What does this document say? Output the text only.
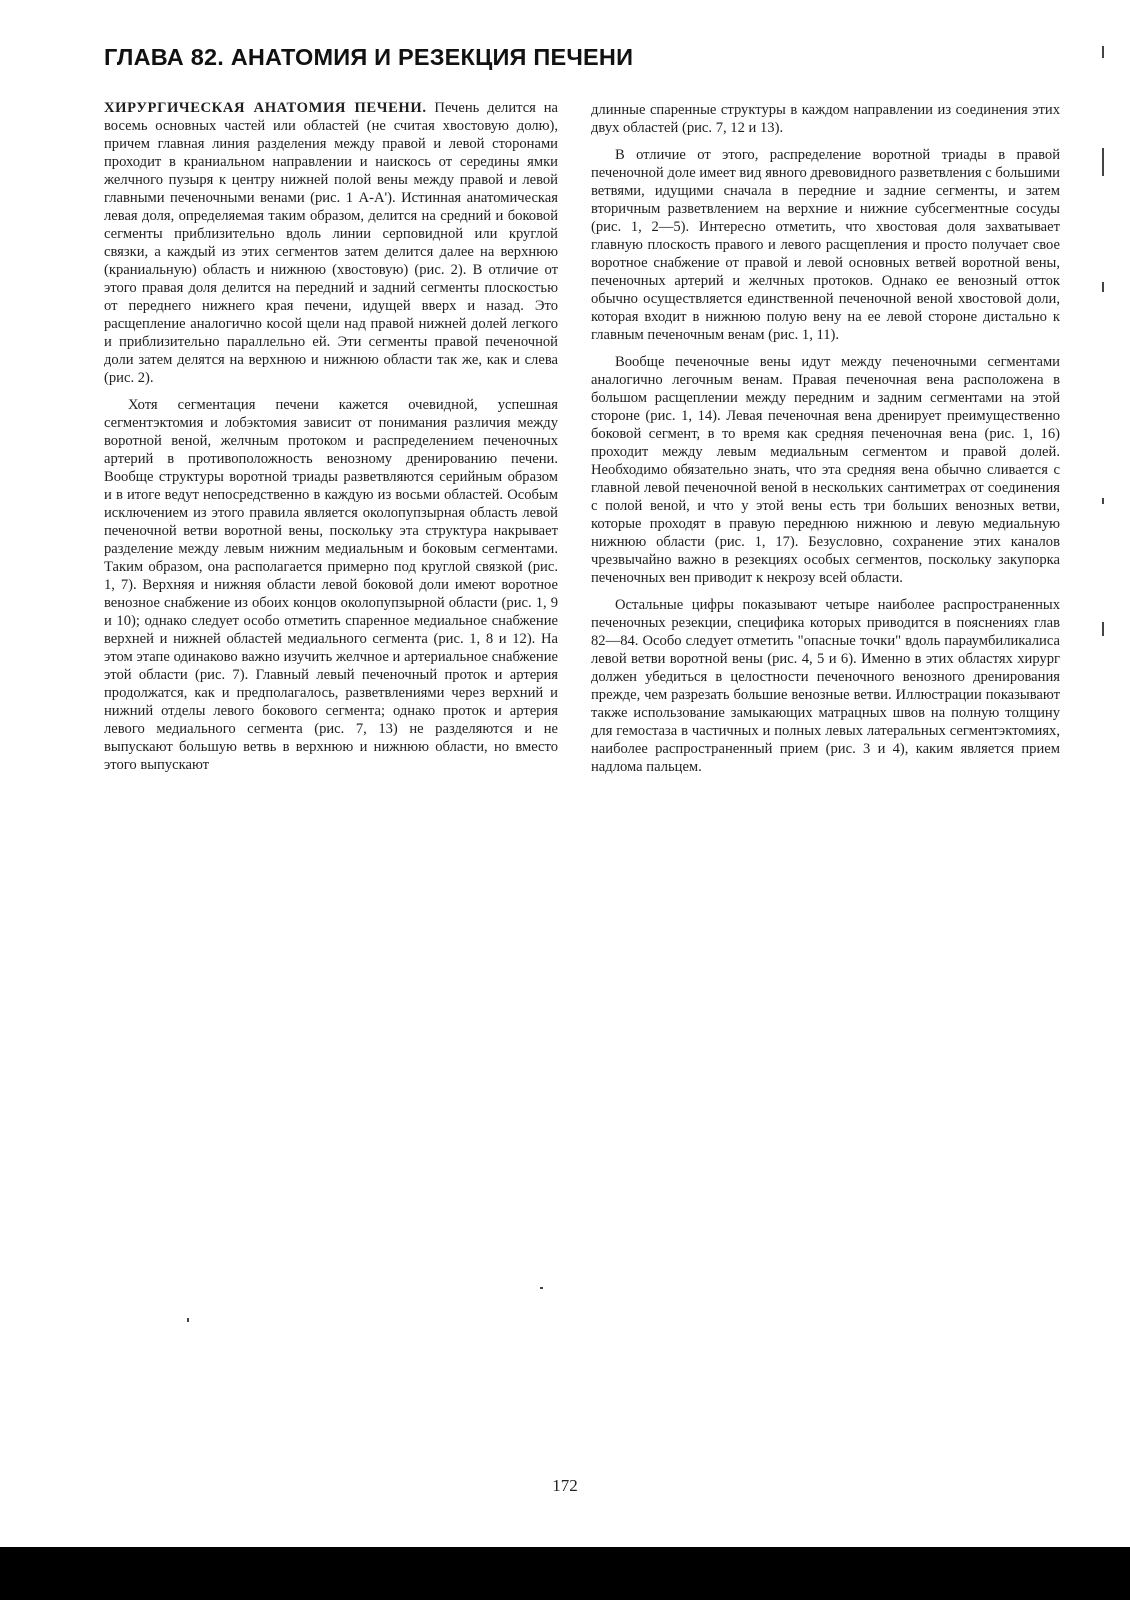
ГЛАВА 82. АНАТОМИЯ И РЕЗЕКЦИЯ ПЕЧЕНИ

ХИРУРГИЧЕСКАЯ АНАТОМИЯ ПЕЧЕНИ. Печень делится на восемь основных частей или областей (не считая хвостовую долю), причем главная линия разделения между правой и левой сторонами проходит в краниальном направлении и наискось от середины ямки желчного пузыря к центру нижней полой вены между правой и левой главными печеночными венами (рис. 1 А-А'). Истинная анатомическая левая доля, определяемая таким образом, делится на средний и боковой сегменты приблизительно вдоль линии серповидной или круглой связки, а каждый из этих сегментов затем делится далее на верхнюю (краниальную) область и нижнюю (хвостовую) (рис. 2). В отличие от этого правая доля делится на передний и задний сегменты плоскостью от переднего нижнего края печени, идущей вверх и назад. Это расщепление аналогично косой щели над правой нижней долей легкого и приблизительно параллельно ей. Эти сегменты правой печеночной доли затем делятся на верхнюю и нижнюю области так же, как и слева (рис. 2).

Хотя сегментация печени кажется очевидной, успешная сегментэктомия и лобэктомия зависит от понимания различия между воротной веной, желчным протоком и распределением печеночных артерий в противоположность венозному дренированию печени. Вообще структуры воротной триады разветвляются серийным образом и в итоге ведут непосредственно в каждую из восьми областей. Особым исключением из этого правила является околопупзырная область левой печеночной ветви воротной вены, поскольку эта структура накрывает разделение между левым нижним медиальным и боковым сегментами. Таким образом, она располагается примерно под круглой связкой (рис. 1, 7). Верхняя и нижняя области левой боковой доли имеют воротное венозное снабжение из обоих концов околопупзырной области (рис. 1, 9 и 10); однако следует особо отметить спаренное медиальное снабжение верхней и нижней областей медиального сегмента (рис. 1, 8 и 12). На этом этапе одинаково важно изучить желчное и артериальное снабжение этой области (рис. 7). Главный левый печеночный проток и артерия продолжатся, как и предполагалось, разветвлениями через верхний и нижний отделы левого бокового сегмента; однако проток и артерия левого медиального сегмента (рис. 7, 13) не разделяются и не выпускают большую ветвь в верхнюю и нижнюю области, но вместо этого выпускают

длинные спаренные структуры в каждом направлении из соединения этих двух областей (рис. 7, 12 и 13).

В отличие от этого, распределение воротной триады в правой печеночной доле имеет вид явного древовидного разветвления с большими ветвями, идущими сначала в передние и задние сегменты, и затем вторичным разветвлением на верхние и нижние субсегментные сосуды (рис. 1, 2—5). Интересно отметить, что хвостовая доля захватывает главную плоскость правого и левого расщепления и просто получает свое воротное снабжение от правой и левой основных ветвей воротной вены, печеночных артерий и желчных протоков. Однако ее венозный отток обычно осуществляется единственной печеночной веной хвостовой доли, которая входит в нижнюю полую вену на ее левой стороне дистально к главным печеночным венам (рис. 1, 11).

Вообще печеночные вены идут между печеночными сегментами аналогично легочным венам. Правая печеночная вена расположена в большом расщеплении между передним и задним сегментами на этой стороне (рис. 1, 14). Левая печеночная вена дренирует преимущественно боковой сегмент, в то время как средняя печеночная вена (рис. 1, 16) проходит между левым медиальным сегментом и правой долей. Необходимо обязательно знать, что эта средняя вена обычно сливается с главной левой печеночной веной в нескольких сантиметрах от соединения с полой веной, и что у этой вены есть три больших венозных ветви, которые проходят в правую переднюю нижнюю и левую медиальную нижнюю области (рис. 1, 17). Безусловно, сохранение этих каналов чрезвычайно важно в резекциях особых сегментов, поскольку закупорка печеночных вен приводит к некрозу всей области.

Остальные цифры показывают четыре наиболее распространенных печеночных резекции, специфика которых приводится в пояснениях глав 82—84. Особо следует отметить "опасные точки" вдоль параумбиликалиса левой ветви воротной вены (рис. 4, 5 и 6). Именно в этих областях хирург должен убедиться в целостности печеночного венозного дренирования прежде, чем разрезать большие венозные ветви. Иллюстрации показывают также использование замыкающих матрацных швов на полную толщину для гемостаза в частичных и полных левых латеральных сегментэктомиях, наиболее распространенный прием (рис. 3 и 4), каким является прием надлома пальцем.

172
